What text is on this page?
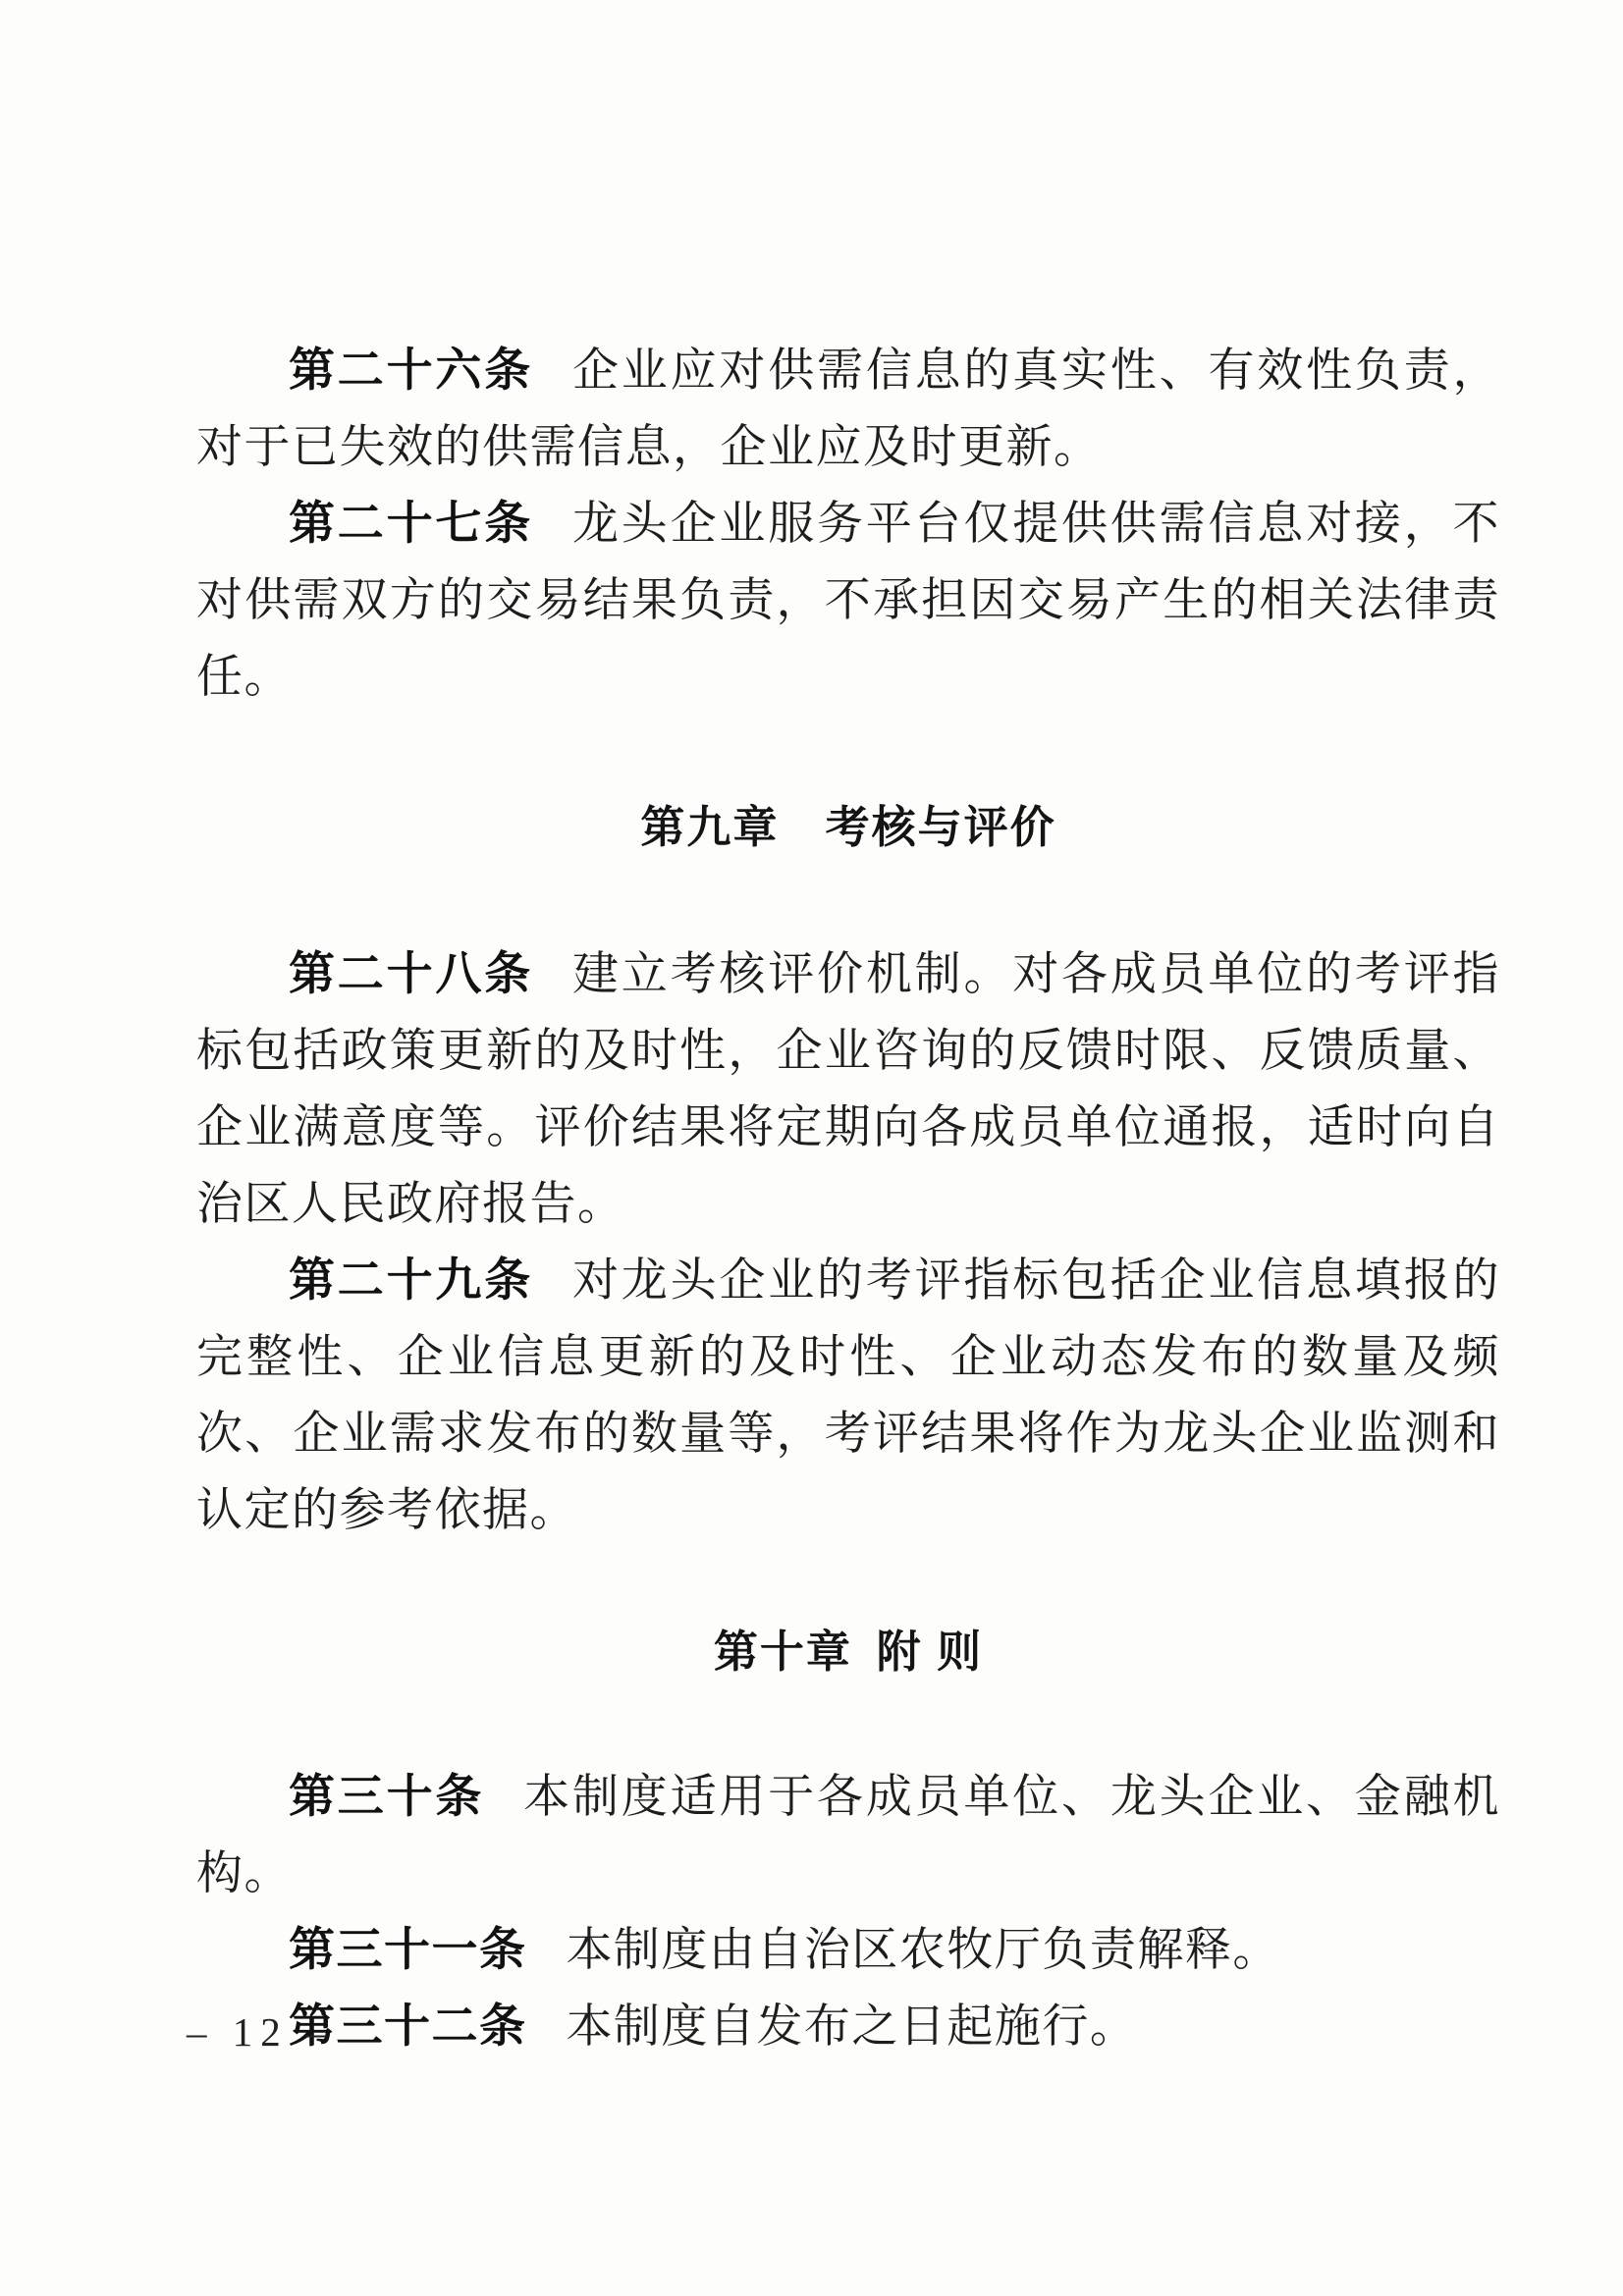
第二十六条 企业应对供需信息的真实性、有效性负责，对于已失效的供需信息，企业应及时更新。

第二十七条 龙头企业服务平台仅提供供需信息对接，不对供需双方的交易结果负责，不承担因交易产生的相关法律责任。

第九章 考核与评价

第二十八条 建立考核评价机制。对各成员单位的考评指标包括政策更新的及时性，企业咨询的反馈时限、反馈质量、企业满意度等。评价结果将定期向各成员单位通报，适时向自治区人民政府报告。

第二十九条 对龙头企业的考评指标包括企业信息填报的完整性、企业信息更新的及时性、企业动态发布的数量及频次、企业需求发布的数量等，考评结果将作为龙头企业监测和认定的参考依据。

第十章 附 则

第三十条 本制度适用于各成员单位、龙头企业、金融机构。

第三十一条 本制度由自治区农牧厅负责解释。

第三十二条 本制度自发布之日起施行。

– 12 –
